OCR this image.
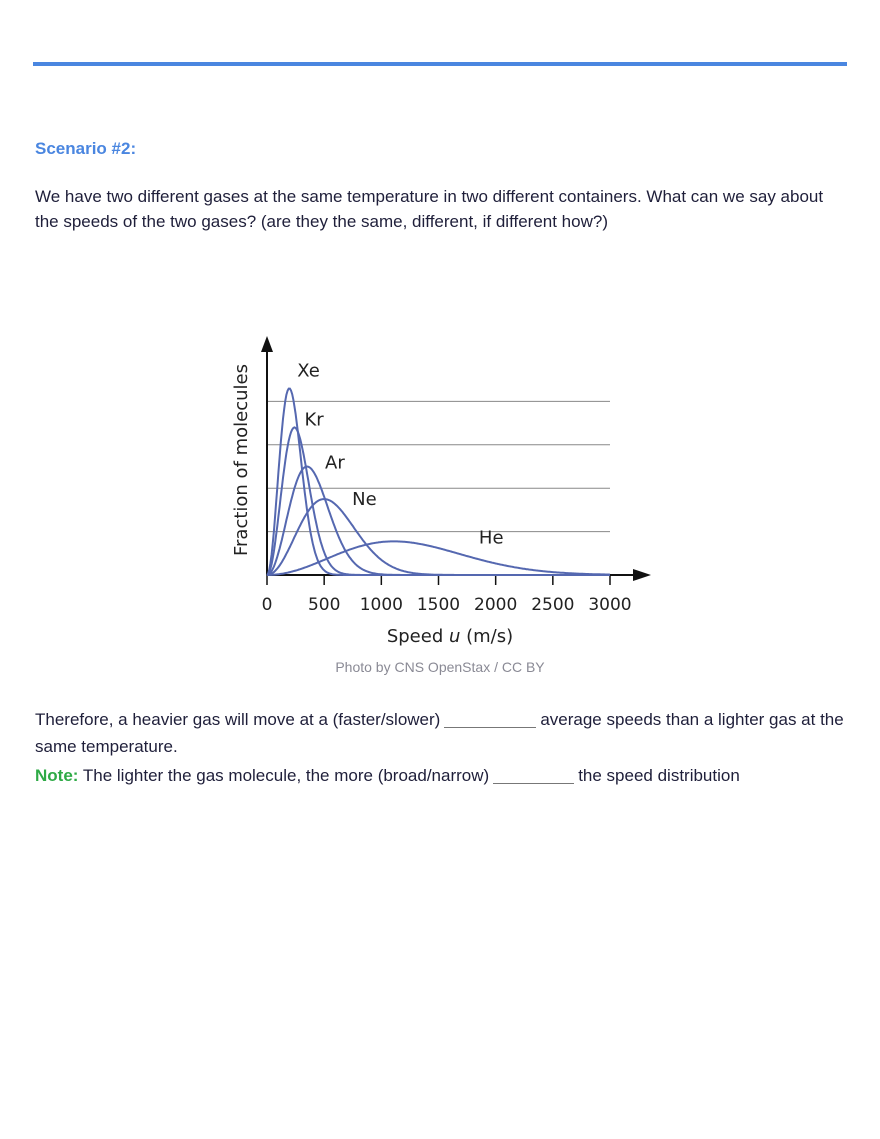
Scenario #2:
We have two different gases at the same temperature in two different containers. What can we say about the speeds of the two gases? (are they the same, different, if different how?)
0 500 1000 1500 2000 2500 3000
Xe
Kr
Ar
Ne
He
Fraction of molecules
Speed u (m/s)
Photo by CNS OpenStax / CC BY
Therefore, a heavier gas will move at a (faster/slower)	average speeds than a lighter gas at the same temperature.
Note: The lighter the gas molecule, the more (broad/narrow)	the speed distribution
